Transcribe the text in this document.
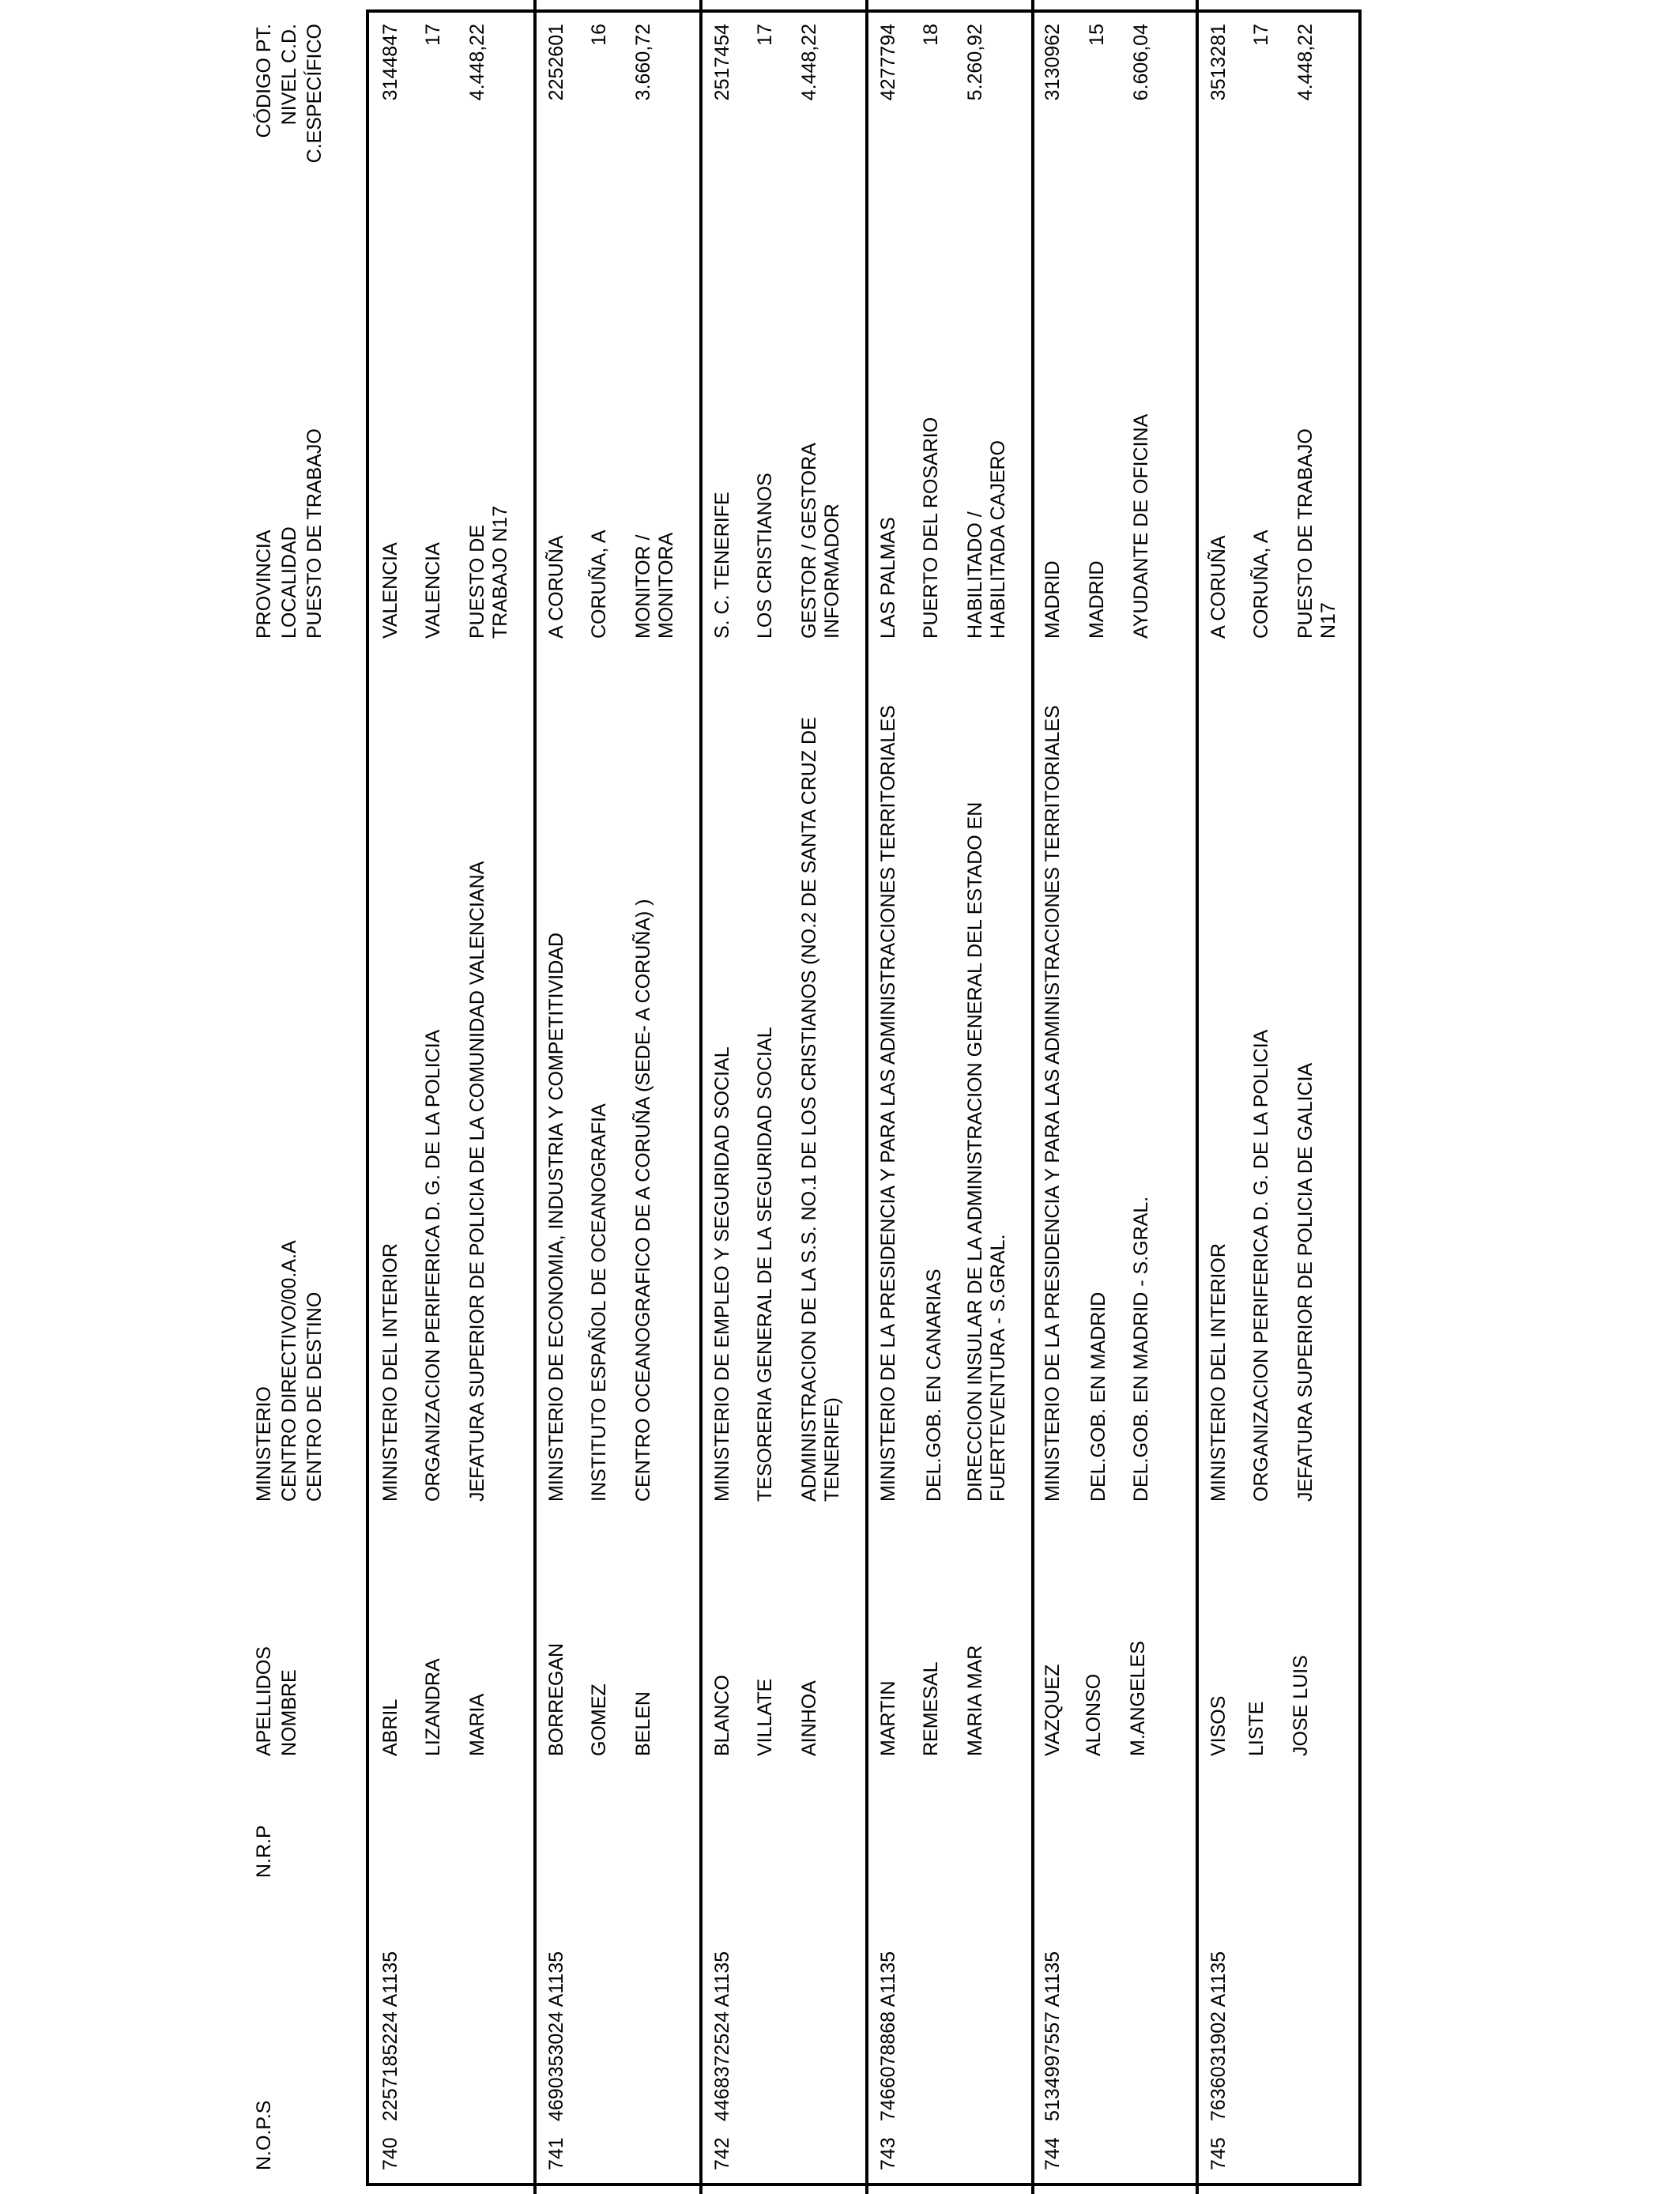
N.O.P.S
N.R.P
APELLIDOS NOMBRE
MINISTERIO CENTRO DIRECTIVO/00.A.A CENTRO DE DESTINO
PROVINCIA LOCALIDAD PUESTO DE TRABAJO
CÓDIGO PT. NIVEL C.D. C.ESPECÍFICO
740
2257185224 A1135
ABRIL LIZANDRA MARIA
MINISTERIO DEL INTERIOR ORGANIZACION PERIFERICA D. G. DE LA POLICIA JEFATURA SUPERIOR DE POLICIA DE LA COMUNIDAD VALENCIANA
VALENCIA VALENCIA PUESTO DE TRABAJO N17
3144847 17 4.448,22
741
4690353024 A1135
BORREGAN GOMEZ BELEN
MINISTERIO DE ECONOMIA, INDUSTRIA Y COMPETITIVIDAD INSTITUTO ESPAÑOL DE OCEANOGRAFIA CENTRO OCEANOGRAFICO DE A CORUÑA (SEDE- A CORUÑA) )
A CORUÑA CORUÑA, A MONITOR / MONITORA
2252601 16 3.660,72
742
4468372524 A1135
BLANCO VILLATE AINHOA
MINISTERIO DE EMPLEO Y SEGURIDAD SOCIAL TESORERIA GENERAL DE LA SEGURIDAD SOCIAL ADMINISTRACION DE LA S.S. NO.1 DE LOS CRISTIANOS (NO.2 DE SANTA CRUZ DE TENERIFE)
S. C. TENERIFE LOS CRISTIANOS GESTOR / GESTORA INFORMADOR
2517454 17 4.448,22
743
7466078868 A1135
MARTIN REMESAL MARIA MAR
MINISTERIO DE LA PRESIDENCIA Y PARA LAS ADMINISTRACIONES TERRITORIALES DEL.GOB. EN CANARIAS DIRECCION INSULAR DE LA ADMINISTRACION GENERAL DEL ESTADO EN FUERTEVENTURA - S.GRAL.
LAS PALMAS PUERTO DEL ROSARIO HABILITADO / HABILITADA CAJERO
4277794 18 5.260,92
744
5134997557 A1135
VAZQUEZ ALONSO M.ANGELES
MINISTERIO DE LA PRESIDENCIA Y PARA LAS ADMINISTRACIONES TERRITORIALES DEL.GOB. EN MADRID DEL.GOB. EN MADRID - S.GRAL.
MADRID MADRID AYUDANTE DE OFICINA
3130962 15 6.606,04
745
7636031902 A1135
VISOS LISTE JOSE LUIS
MINISTERIO DEL INTERIOR ORGANIZACION PERIFERICA D. G. DE LA POLICIA JEFATURA SUPERIOR DE POLICIA DE GALICIA
A CORUÑA CORUÑA, A PUESTO DE TRABAJO N17
3513281 17 4.448,22
